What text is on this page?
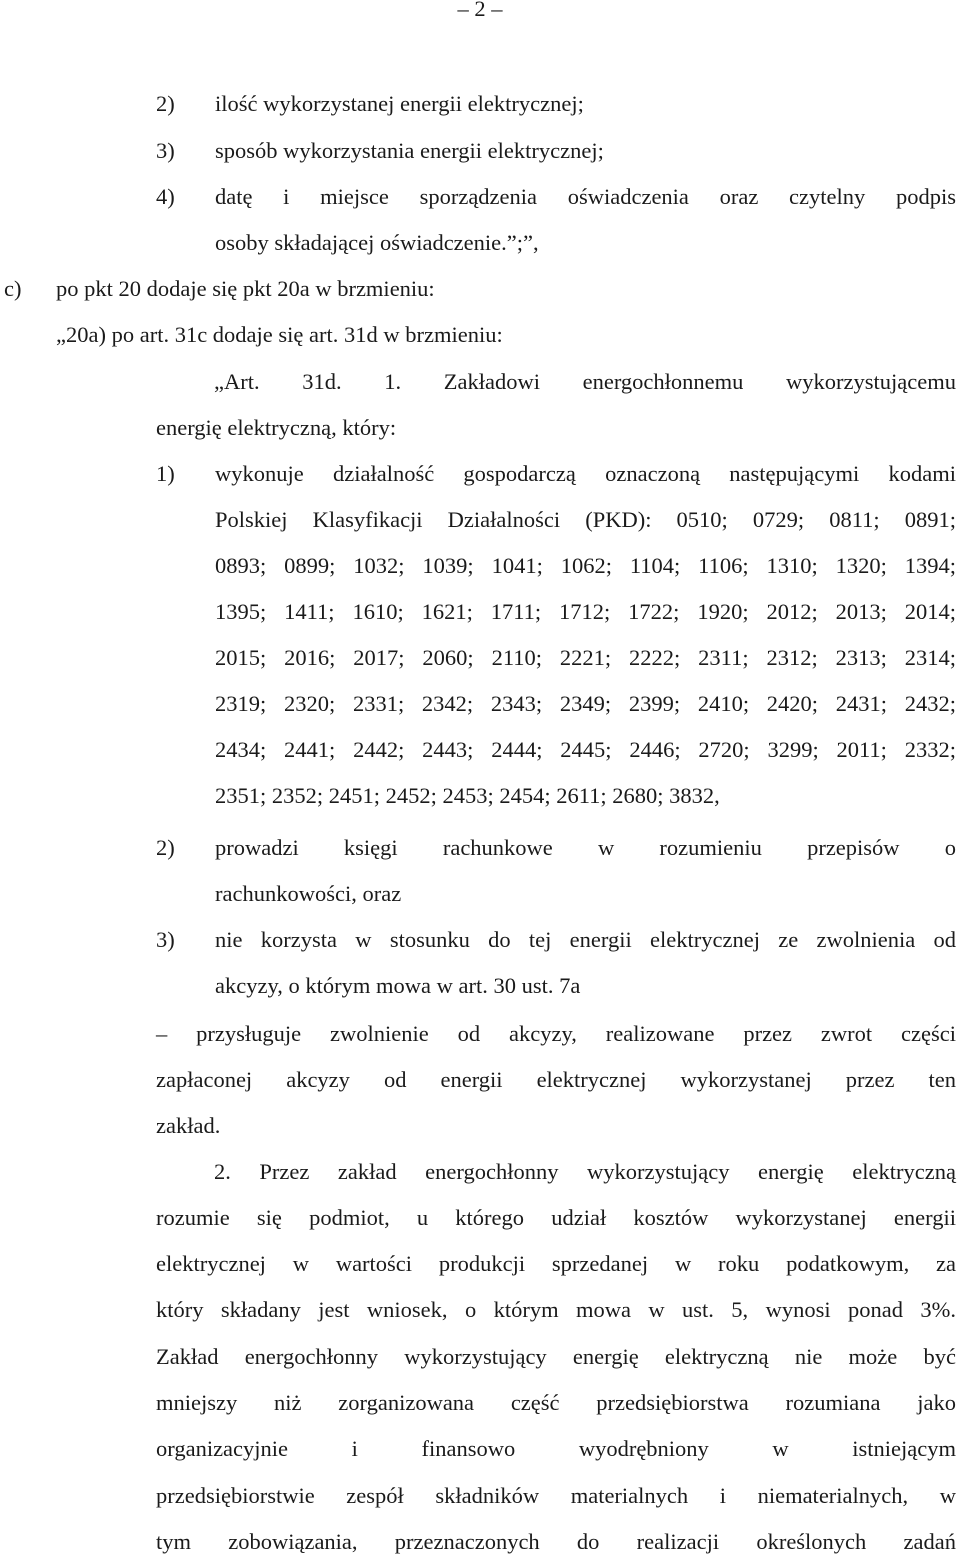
– 2 –
2) ilość wykorzystanej energii elektrycznej;
3) sposób wykorzystania energii elektrycznej;
4) datę i miejsce sporządzenia oświadczenia oraz czytelny podpis
osoby składającej oświadczenie.”;”,
c) po pkt 20 dodaje się pkt 20a w brzmieniu:
„20a) po art. 31c dodaje się art. 31d w brzmieniu:
„Art. 31d. 1. Zakładowi energochłonnemu wykorzystującemu
energię elektryczną, który:
1) wykonuje działalność gospodarczą oznaczoną następującymi kodami
Polskiej Klasyfikacji Działalności (PKD): 0510; 0729; 0811; 0891;
0893; 0899; 1032; 1039; 1041; 1062; 1104; 1106; 1310; 1320; 1394;
1395; 1411; 1610; 1621; 1711; 1712; 1722; 1920; 2012; 2013; 2014;
2015; 2016; 2017; 2060; 2110; 2221; 2222; 2311; 2312; 2313; 2314;
2319; 2320; 2331; 2342; 2343; 2349; 2399; 2410; 2420; 2431; 2432;
2434; 2441; 2442; 2443; 2444; 2445; 2446; 2720; 3299; 2011; 2332;
2351; 2352; 2451; 2452; 2453; 2454; 2611; 2680; 3832,
2) prowadzi księgi rachunkowe w rozumieniu przepisów o
rachunkowości, oraz
3) nie korzysta w stosunku do tej energii elektrycznej ze zwolnienia od
akcyzy, o którym mowa w art. 30 ust. 7a
– przysługuje zwolnienie od akcyzy, realizowane przez zwrot części
zapłaconej akcyzy od energii elektrycznej wykorzystanej przez ten
zakład.
2. Przez zakład energochłonny wykorzystujący energię elektryczną
rozumie się podmiot, u którego udział kosztów wykorzystanej energii
elektrycznej w wartości produkcji sprzedanej w roku podatkowym, za
który składany jest wniosek, o którym mowa w ust. 5, wynosi ponad 3%.
Zakład energochłonny wykorzystujący energię elektryczną nie może być
mniejszy niż zorganizowana część przedsiębiorstwa rozumiana jako
organizacyjnie i finansowo wyodrębniony w istniejącym
przedsiębiorstwie zespół składników materialnych i niematerialnych, w
tym zobowiązania, przeznaczonych do realizacji określonych zadań
